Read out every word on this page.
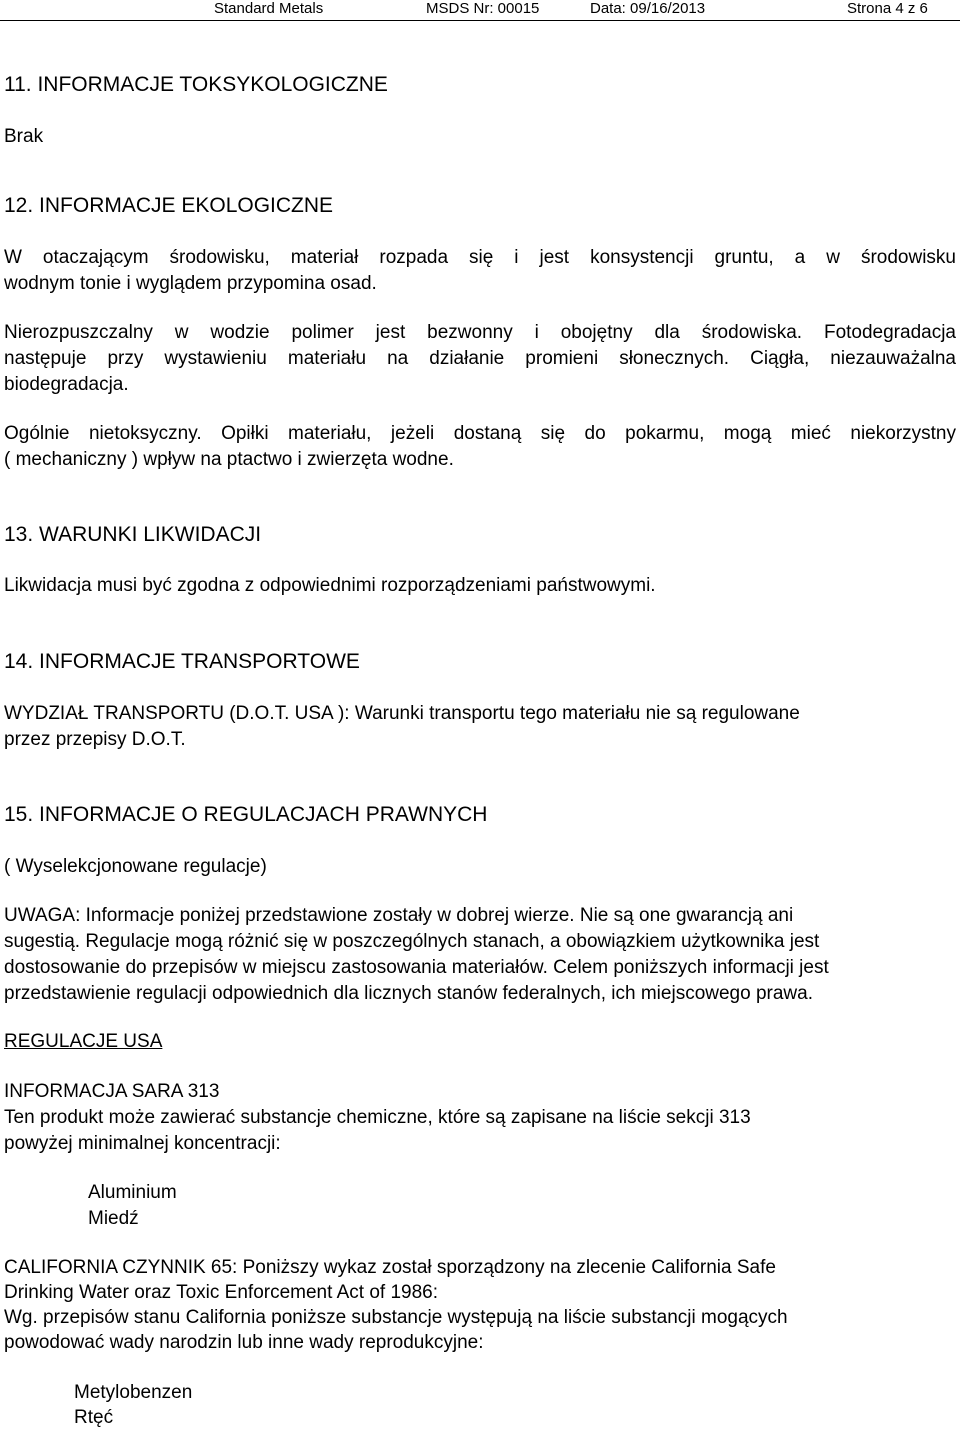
Standard Metals	MSDS Nr: 00015	Data: 09/16/2013	Strona 4 z 6
11. INFORMACJE TOKSYKOLOGICZNE
Brak
12. INFORMACJE EKOLOGICZNE
W otaczającym środowisku, materiał rozpada się i jest konsystencji gruntu, a w środowisku
wodnym tonie i wyglądem przypomina osad.
Nierozpuszczalny w wodzie polimer jest bezwonny i obojętny dla środowiska. Fotodegradacja
następuje przy wystawieniu materiału na działanie promieni słonecznych. Ciągła, niezauważalna
biodegradacja.
Ogólnie nietoksyczny. Opiłki materiału, jeżeli dostaną się do pokarmu, mogą mieć niekorzystny
( mechaniczny ) wpływ na ptactwo i zwierzęta wodne.
13. WARUNKI LIKWIDACJI
Likwidacja musi być zgodna z odpowiednimi rozporządzeniami państwowymi.
14. INFORMACJE TRANSPORTOWE
WYDZIAŁ TRANSPORTU (D.O.T. USA ): Warunki transportu tego materiału nie są regulowane
przez przepisy D.O.T.
15. INFORMACJE O REGULACJACH PRAWNYCH
( Wyselekcjonowane regulacje)
UWAGA: Informacje poniżej przedstawione zostały w dobrej wierze. Nie są one gwarancją ani
sugestią. Regulacje mogą różnić się w poszczególnych stanach, a obowiązkiem użytkownika jest
dostosowanie do przepisów w miejscu zastosowania materiałów. Celem poniższych informacji jest
przedstawienie regulacji odpowiednich dla licznych stanów federalnych, ich miejscowego prawa.
REGULACJE USA
INFORMACJA SARA 313
Ten produkt może zawierać substancje chemiczne, które są zapisane na liście sekcji 313
powyżej minimalnej koncentracji:
Aluminium
Miedź
CALIFORNIA CZYNNIK 65: Poniższy wykaz został sporządzony na zlecenie California Safe
Drinking Water oraz Toxic Enforcement Act of 1986:
Wg. przepisów stanu California poniższe substancje występują na liście substancji mogących
powodować wady narodzin lub inne wady reprodukcyjne:
Metylobenzen
Rtęć
